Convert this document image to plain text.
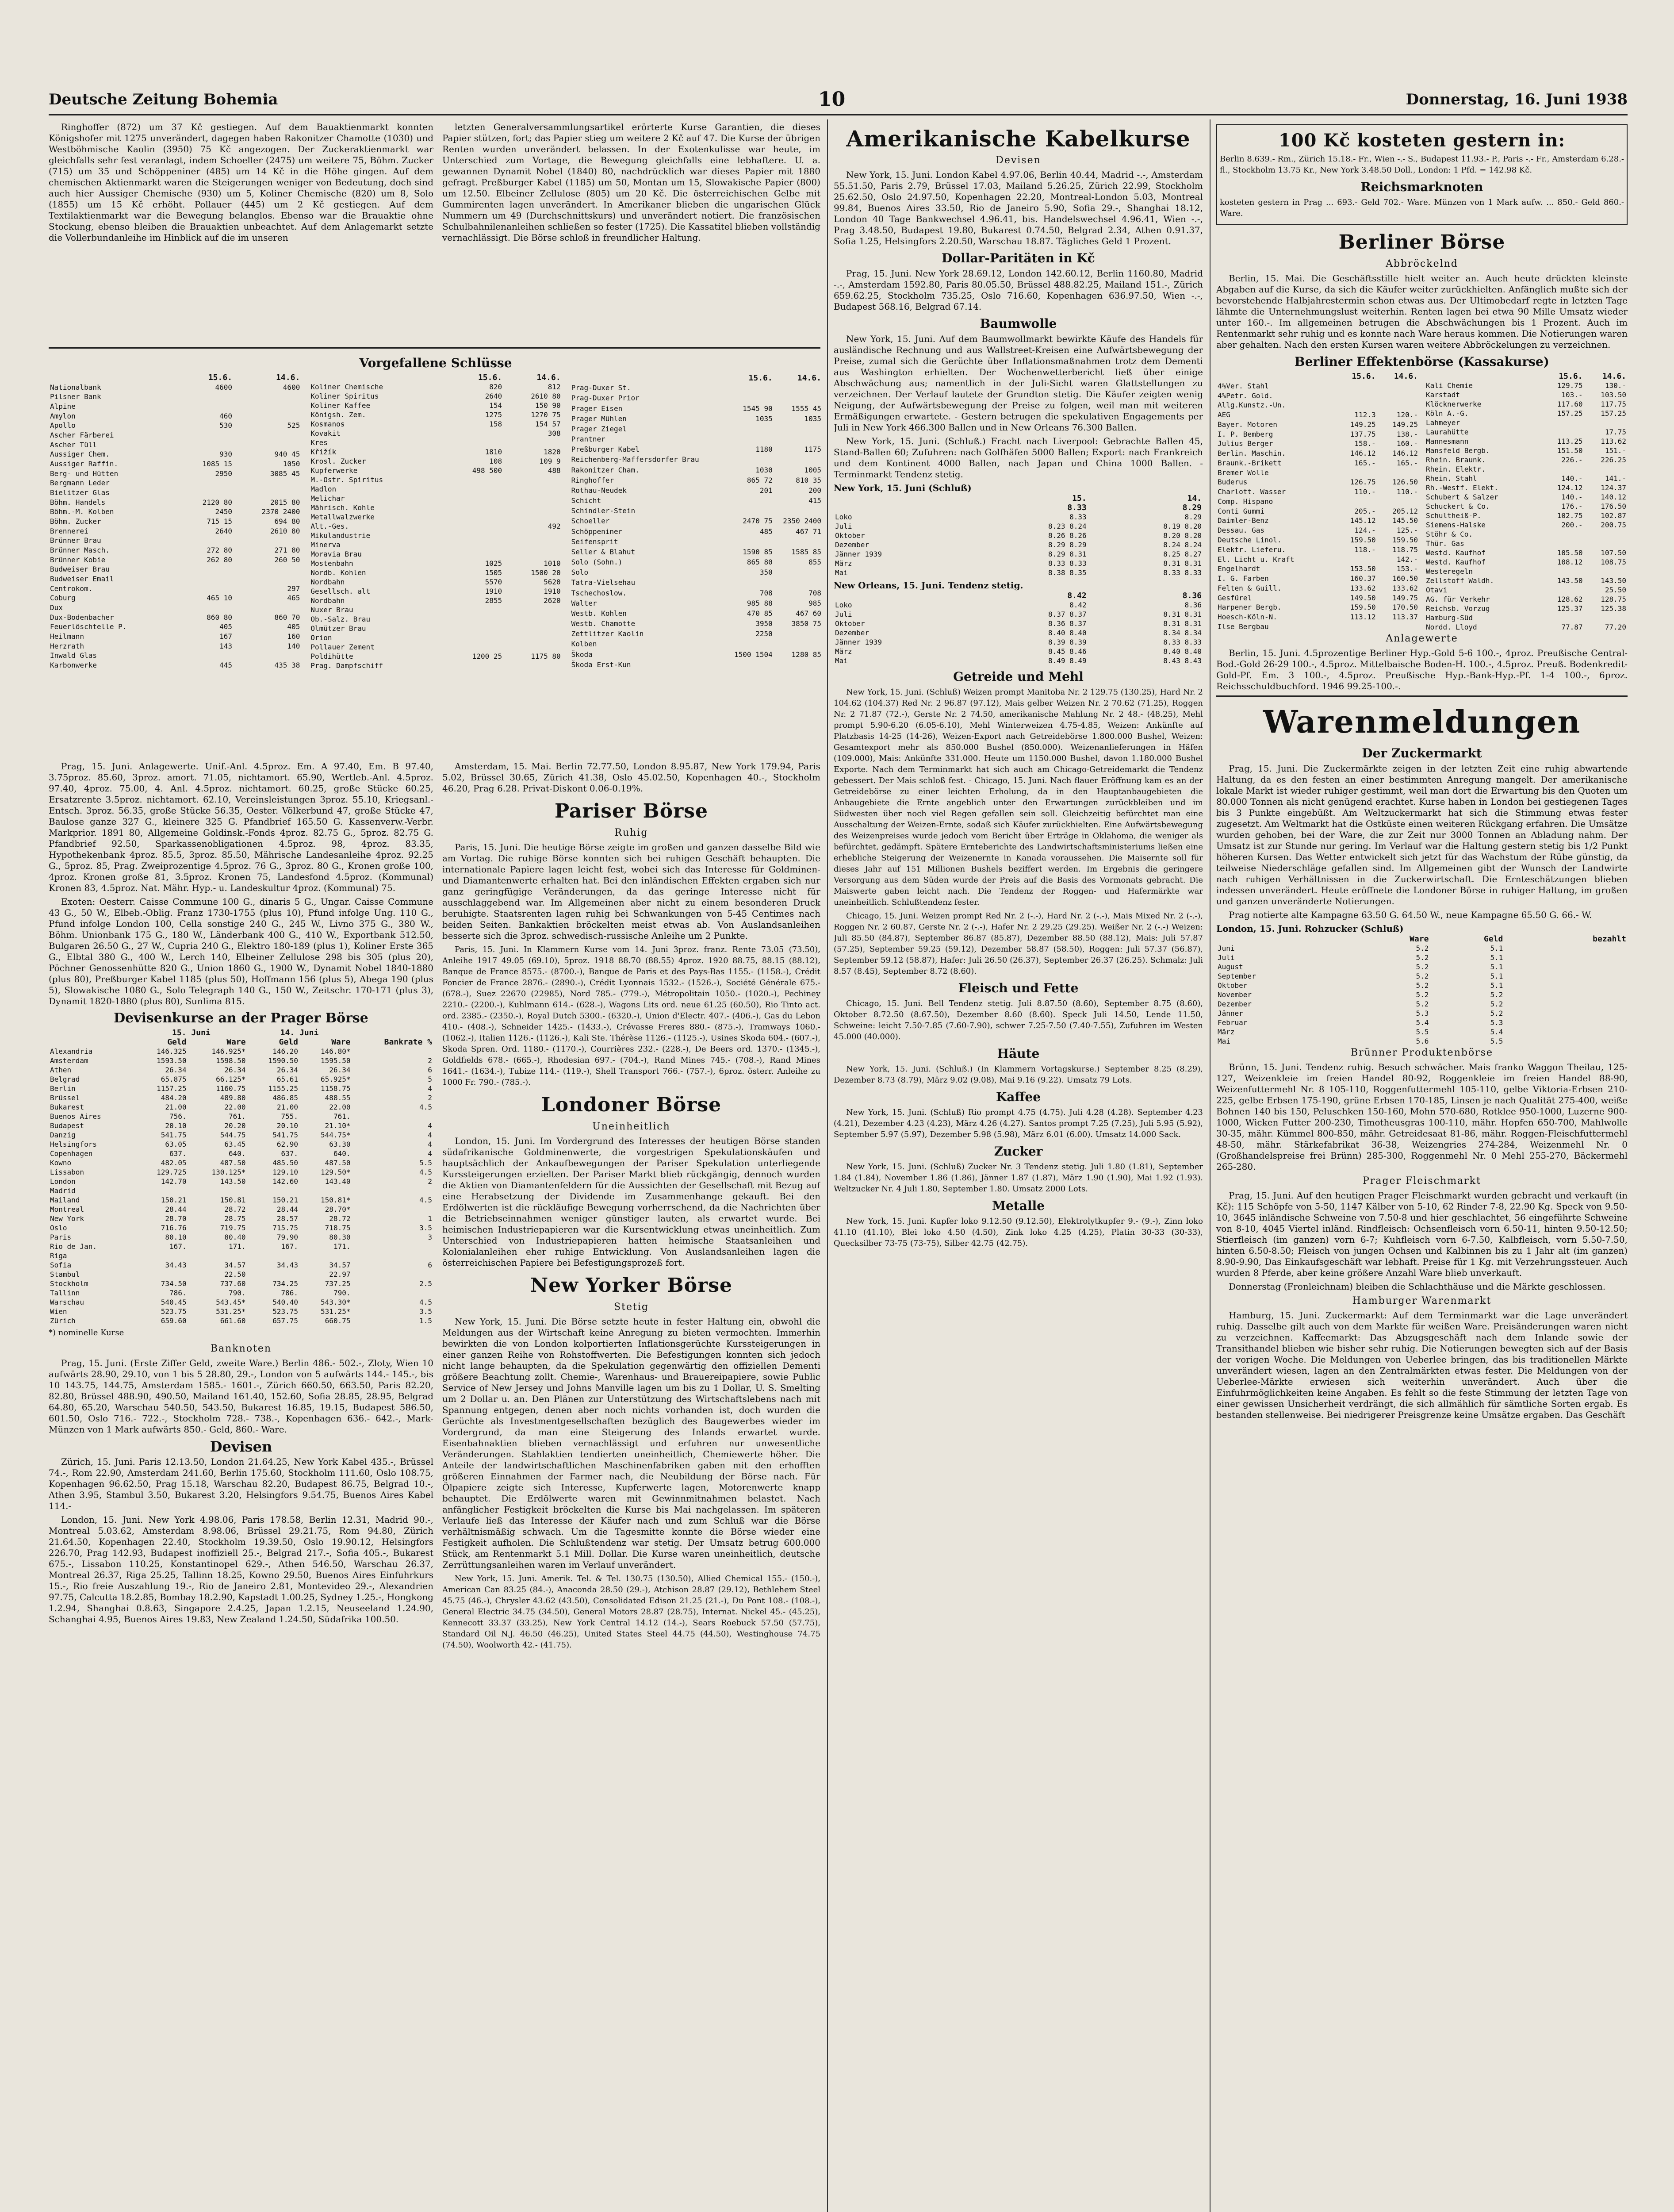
Deutsche Zeitung Bohemia	10	Donnerstag, 16. Juni 1938

Ringhoffer (872) um 37 Kč gestiegen. Auf dem Bauaktienmarkt konnten Königshofer mit 1275 unverändert, dagegen haben Rakonitzer Chamotte (1030) und Westböhmische Kaolin (3950) 75 Kč angezogen. Der Zuckeraktienmarkt war gleichfalls sehr fest veranlagt, indem Schoeller (2475) um weitere 75, Böhm. Zucker (715) um 35 und Schöppeniner (485) um 14 Kč in die Höhe gingen. Auf dem chemischen Aktienmarkt waren die Steigerungen weniger von Bedeutung, doch sind auch hier Aussiger Chemische (930) um 5, Koliner Chemische (820) um 8, Solo (1855) um 15 Kč erhöht. Pollauer (445) um 2 Kč gestiegen. Auf dem Textilaktienmarkt war die Bewegung belanglos. Ebenso war die Brauaktie ohne Stockung, ebenso bleiben die Brauaktien unbeachtet. Auf dem Anlagemarkt setzte die Vollerbundanleihe im Hinblick auf die im unseren

letzten Generalversammlungsartikel erörterte Kurse Garantien, die dieses Papier stützen, fort; das Papier stieg um weitere 2 Kč auf 47. Die Kurse der übrigen Renten wurden unverändert belassen. In der Exotenkulisse war heute, im Unterschied zum Vortage, die Bewegung gleichfalls eine lebhaftere. U. a. gewannen Dynamit Nobel (1840) 80, nachdrücklich war dieses Papier mit 1880 gefragt. Preßburger Kabel (1185) um 50, Montan um 15, Slowakische Papier (800) um 12.50. Elbeiner Zellulose (805) um 20 Kč. Die österreichischen Gelbe mit Gummirenten lagen unverändert. In Amerikaner blieben die ungarischen Glück Nummern um 49 (Durchschnittskurs) und unverändert notiert. Die französischen Schulbahnilenanleihen schließen so fester (1725). Die Kassatitel blieben vollständig vernachlässigt. Die Börse schloß in freundlicher Haltung.

Vorgefallene Schlüsse
	15.6.	14.6.
Nationalbank	4600	4600
Pilsner Bank		
Alpine		
Amylon	460	
Apollo	530	525
Ascher Färberei		
Ascher Tüll		
Aussiger Chem.	930	940 45
Aussiger Raffin.	1085 15	1050
Berg- und Hütten	2950	3085 45
Bergmann Leder		
Bielitzer Glas		
Böhm. Handels	2120 80	2015 80
Böhm.-M. Kolben	2450	2370 2400
Böhm. Zucker	715 15	694 80
Brennerei	2640	2610 80
Brünner Brau		
Brünner Masch.	272 80	271 80
Brünner Kobie	262 80	260 50
Budweiser Brau		
Budweiser Email		
Centrokom.		297
Coburg	465 10	465
Dux		
Dux-Bodenbacher	860 80	860 70
Feuerlöschtelle P.	405	405
Heilmann	167	160
Herzrath	143	140
Inwald Glas		
Karbonwerke	445	435 38
	15.6.	14.6.
Koliner Chemische	820	812
Koliner Spiritus	2640	2610 80
Koliner Kaffee	154	150 90
Königsh. Zem.	1275	1270 75
Kosmanos	158	154 57
Kovakit		308
Kres		
Křižík	1810	1820
Krosl. Zucker	108	109 9
Kupferwerke	498 500	488
M.-Ostr. Spiritus		
Madlon		
Melichar		
Mährisch. Kohle		
Metallwalzwerke		
Alt.-Ges.		492
Mikulandustrie		
Minerva		
Moravia Brau		
Mostenbahn	1025	1010
Nordb. Kohlen	1505	1500 20
Nordbahn	5570	5620
Gesellsch. alt	1910	1910
Nordbahn	2855	2620
Nuxer Brau		
Ob.-Salz. Brau		
Olmützer Brau		
Orion		
Pollauer Zement		
Poldihütte	1200 25	1175 80
Prag. Dampfschiff		
	15.6.	14.6.
Prag-Duxer St.		
Prag-Duxer Prior		
Prager Eisen	1545 90	1555 45
Prager Mühlen	1035	1035
Prager Ziegel		
Prantner		
Preßburger Kabel	1180	1175
Reichenberg-Maffersdorfer Brau		
Rakonitzer Cham.	1030	1005
Ringhoffer	865 72	810 35
Rothau-Neudek	201	200
Schicht		415
Schindler-Stein		
Schoeller	2470 75	2350 2400
Schöppeniner	485	467 71
Seifensprit		
Seller & Blahut	1590 85	1585 85
Solo (Sohn.)	865 80	855
Solo	350	
Tatra-Vielsehau		
Tschechoslow.	708	708
Walter	985 88	985
Westb. Kohlen	470 85	467 60
Westb. Chamotte	3950	3850 75
Zettlitzer Kaolin	2250	
Kolben		
Škoda	1500 1504	1280 85
Škoda Erst-Kun		

Prag, 15. Juni. Anlagewerte. Unif.-Anl. 4.5proz. Em. A 97.40, Em. B 97.40, 3.75proz. 85.60, 3proz. amort. 71.05, nichtamort. 65.90, Wertleb.-Anl. 4.5proz. 97.40, 4proz. 75.00, 4. Anl. 4.5proz. nichtamort. 60.25, große Stücke 60.25, Ersatzrente 3.5proz. nichtamort. 62.10, Vereinsleistungen 3proz. 55.10, Kriegsanl.-Entsch. 3proz. 56.35, große Stücke 56.35, Oester. Völkerbund 47, große Stücke 47, Baulose ganze 327 G., kleinere 325 G. Pfandbrief 165.50 G. Kassenverw.-Verbr. Markprior. 1891 80, Allgemeine Goldinsk.-Fonds 4proz. 82.75 G., 5proz. 82.75 G. Pfandbrief 92.50, Sparkassenobligationen 4.5proz. 98, 4proz. 83.35, Hypothekenbank 4proz. 85.5, 3proz. 85.50, Mährische Landesanleihe 4proz. 92.25 G., 5proz. 85, Prag. Zweiprozentige 4.5proz. 76 G., 3proz. 80 G., Kronen große 100, 4proz. Kronen große 81, 3.5proz. Kronen 75, Landesfond 4.5proz. (Kommunal) Kronen 83, 4.5proz. Nat. Mähr. Hyp.- u. Landeskultur 4proz. (Kommunal) 75.

Exoten: Oesterr. Caisse Commune 100 G., dinaris 5 G., Ungar. Caisse Commune 43 G., 50 W., Elbeb.-Oblig. Franz 1730-1755 (plus 10), Pfund infolge Ung. 110 G., Pfund infolge London 100, Cella sonstige 240 G., 245 W., Livno 375 G., 380 W., Böhm. Unionbank 175 G., 180 W., Länderbank 400 G., 410 W., Exportbank 512.50, Bulgaren 26.50 G., 27 W., Cupria 240 G., Elektro 180-189 (plus 1), Koliner Erste 365 G., Elbtal 380 G., 400 W., Lerch 140, Elbeiner Zellulose 298 bis 305 (plus 20), Pöchner Genossenhütte 820 G., Union 1860 G., 1900 W., Dynamit Nobel 1840-1880 (plus 80), Preßburger Kabel 1185 (plus 50), Hoffmann 156 (plus 5), Abega 190 (plus 5), Slowakische 1080 G., Solo Telegraph 140 G., 150 W., Zeitschr. 170-171 (plus 3), Dynamit 1820-1880 (plus 80), Sunlima 815.

Devisenkurse an der Prager Börse
	15. Juni		14. Juni		
	Geld	Ware	Geld	Ware	Bankrate %
Alexandria	146.325	146.925*	146.20	146.80*	
Amsterdam	1593.50	1598.50	1590.50	1595.50	2
Athen	26.34	26.34	26.34	26.34	6
Belgrad	65.875	66.125*	65.61	65.925*	5
Berlin	1157.25	1160.75	1155.25	1158.75	4
Brüssel	484.20	489.80	486.85	488.55	2
Bukarest	21.00	22.00	21.00	22.00	4.5
Buenos Aires	756.	761.	755.	761.	
Budapest	20.10	20.20	20.10	21.10*	4
Danzig	541.75	544.75	541.75	544.75*	4
Helsingfors	63.05	63.45	62.90	63.30	4
Copenhagen	637.	640.	637.	640.	4
Kowno	482.05	487.50	485.50	487.50	5.5
Lissabon	129.725	130.125*	129.10	129.50*	4.5
London	142.70	143.50	142.60	143.40	2
Madrid					
Mailand	150.21	150.81	150.21	150.81*	4.5
Montreal	28.44	28.72	28.44	28.70*	
New York	28.70	28.75	28.57	28.72	1
Oslo	716.76	719.75	715.75	718.75	3.5
Paris	80.10	80.40	79.90	80.30	3
Rio de Jan.	167.	171.	167.	171.	
Riga					
Sofia	34.43	34.57	34.43	34.57	6
Stambul		22.50		22.97	
Stockholm	734.50	737.60	734.25	737.25	2.5
Tallinn	786.	790.	786.	790.	
Warschau	540.45	543.45*	540.40	543.30*	4.5
Wien	523.75	531.25*	523.75	531.25*	3.5
Zürich	659.60	661.60	657.75	660.75	1.5
*) nominelle Kurse
Banknoten

Prag, 15. Juni. (Erste Ziffer Geld, zweite Ware.) Berlin 486.- 502.-, Zloty, Wien 10 aufwärts 28.90, 29.10, von 1 bis 5 28.80, 29.-, London von 5 aufwärts 144.- 145.-, bis 10 143.75, 144.75, Amsterdam 1585.- 1601.-, Zürich 660.50, 663.50, Paris 82.20, 82.80, Brüssel 488.90, 490.50, Mailand 161.40, 152.60, Sofia 28.85, 28.95, Belgrad 64.80, 65.20, Warschau 540.50, 543.50, Bukarest 16.85, 19.15, Budapest 586.50, 601.50, Oslo 716.- 722.-, Stockholm 728.- 738.-, Kopenhagen 636.- 642.-, Mark-Münzen von 1 Mark aufwärts 850.- Geld, 860.- Ware.

Devisen

Zürich, 15. Juni. Paris 12.13.50, London 21.64.25, New York Kabel 435.-, Brüssel 74.-, Rom 22.90, Amsterdam 241.60, Berlin 175.60, Stockholm 111.60, Oslo 108.75, Kopenhagen 96.62.50, Prag 15.18, Warschau 82.20, Budapest 86.75, Belgrad 10.-, Athen 3.95, Stambul 3.50, Bukarest 3.20, Helsingfors 9.54.75, Buenos Aires Kabel 114.-

London, 15. Juni. New York 4.98.06, Paris 178.58, Berlin 12.31, Madrid 90.-, Montreal 5.03.62, Amsterdam 8.98.06, Brüssel 29.21.75, Rom 94.80, Zürich 21.64.50, Kopenhagen 22.40, Stockholm 19.39.50, Oslo 19.90.12, Helsingfors 226.70, Prag 142.93, Budapest inoffiziell 25.-, Belgrad 217.-, Sofia 405.-, Bukarest 675.-, Lissabon 110.25, Konstantinopel 629.-, Athen 546.50, Warschau 26.37, Montreal 26.37, Riga 25.25, Tallinn 18.25, Kowno 29.50, Buenos Aires Einfuhrkurs 15.-, Rio freie Auszahlung 19.-, Rio de Janeiro 2.81, Montevideo 29.-, Alexandrien 97.75, Calcutta 18.2.85, Bombay 18.2.90, Kapstadt 1.00.25, Sydney 1.25.-, Hongkong 1.2.94, Shanghai 0.8.63, Singapore 2.4.25, Japan 1.2.15, Neuseeland 1.24.90, Schanghai 4.95, Buenos Aires 19.83, New Zealand 1.24.50, Südafrika 100.50.

Amsterdam, 15. Mai. Berlin 72.77.50, London 8.95.87, New York 179.94, Paris 5.02, Brüssel 30.65, Zürich 41.38, Oslo 45.02.50, Kopenhagen 40.-, Stockholm 46.20, Prag 6.28. Privat-Diskont 0.06-0.19%.

Pariser Börse
Ruhig

Paris, 15. Juni. Die heutige Börse zeigte im großen und ganzen dasselbe Bild wie am Vortag. Die ruhige Börse konnten sich bei ruhigen Geschäft behaupten. Die internationale Papiere lagen leicht fest, wobei sich das Interesse für Goldminen- und Diamantenwerte erhalten hat. Bei den inländischen Effekten ergaben sich nur ganz geringfügige Veränderungen, da das geringe Interesse nicht für ausschlaggebend war. Im Allgemeinen aber nicht zu einem besonderen Druck beruhigte. Staatsrenten lagen ruhig bei Schwankungen von 5-45 Centimes nach beiden Seiten. Bankaktien bröckelten meist etwas ab. Von Auslandsanleihen besserte sich die 3proz. schwedisch-russische Anleihe um 2 Punkte.

Paris, 15. Juni. In Klammern Kurse vom 14. Juni 3proz. franz. Rente 73.05 (73.50), Anleihe 1917 49.05 (69.10), 5proz. 1918 88.70 (88.55) 4proz. 1920 88.75, 88.15 (88.12), Banque de France 8575.- (8700.-), Banque de Paris et des Pays-Bas 1155.- (1158.-), Crédit Foncier de France 2876.- (2890.-), Crédit Lyonnais 1532.- (1526.-), Société Générale 675.- (678.-), Suez 22670 (22985), Nord 785.- (779.-), Métropolitain 1050.- (1020.-), Pechiney 2210.- (2200.-), Kuhlmann 614.- (628.-), Wagons Lits ord. neue 61.25 (60.50), Rio Tinto act. ord. 2385.- (2350.-), Royal Dutch 5300.- (6320.-), Union d'Electr. 407.- (406.-), Gas du Lebon 410.- (408.-), Schneider 1425.- (1433.-), Crévasse Freres 880.- (875.-), Tramways 1060.- (1062.-), Italien 1126.- (1126.-), Kali Ste. Thérèse 1126.- (1125.-), Usines Skoda 604.- (607.-), Skoda Spren. Ord. 1180.- (1170.-), Courrières 232.- (228.-), De Beers ord. 1370.- (1345.-), Goldfields 678.- (665.-), Rhodesian 697.- (704.-), Rand Mines 745.- (708.-), Rand Mines 1641.- (1634.-), Tubize 114.- (119.-), Shell Transport 766.- (757.-), 6proz. österr. Anleihe zu 1000 Fr. 790.- (785.-).

Londoner Börse
Uneinheitlich

London, 15. Juni. Im Vordergrund des Interesses der heutigen Börse standen südafrikanische Goldminenwerte, die vorgestrigen Spekulationskäufen und hauptsächlich der Ankaufbewegungen der Pariser Spekulation unterliegende Kurssteigerungen erzielten. Der Pariser Markt blieb rückgängig, dennoch wurden die Aktien von Diamantenfeldern für die Aussichten der Gesellschaft mit Bezug auf eine Herabsetzung der Dividende im Zusammenhange gekauft. Bei den Erdölwerten ist die rückläufige Bewegung vorherrschend, da die Nachrichten über die Betriebseinnahmen weniger günstiger lauten, als erwartet wurde. Bei heimischen Industriepapieren war die Kursentwicklung etwas uneinheitlich. Zum Unterschied von Industriepapieren hatten heimische Staatsanleihen und Kolonialanleihen eher ruhige Entwicklung. Von Auslandsanleihen lagen die österreichischen Papiere bei Befestigungsprozeß fort.

New Yorker Börse
Stetig

New York, 15. Juni. Die Börse setzte heute in fester Haltung ein, obwohl die Meldungen aus der Wirtschaft keine Anregung zu bieten vermochten. Immerhin bewirkten die von London kolportierten Inflationsgerüchte Kurssteigerungen in einer ganzen Reihe von Rohstoffwerten. Die Befestigungen konnten sich jedoch nicht lange behaupten, da die Spekulation gegenwärtig den offiziellen Dementi größere Beachtung zollt. Chemie-, Warenhaus- und Brauereipapiere, sowie Public Service of New Jersey und Johns Manville lagen um bis zu 1 Dollar, U. S. Smelting um 2 Dollar u. an. Den Plänen zur Unterstützung des Wirtschaftslebens nach mit Spannung entgegen, denen aber noch nichts vorhanden ist, doch wurden die Gerüchte als Investmentgesellschaften bezüglich des Baugewerbes wieder im Vordergrund, da man eine Steigerung des Inlands erwartet wurde. Eisenbahnaktien blieben vernachlässigt und erfuhren nur unwesentliche Veränderungen. Stahlaktien tendierten uneinheitlich, Chemiewerte höher. Die Anteile der landwirtschaftlichen Maschinenfabriken gaben mit den erhofften größeren Einnahmen der Farmer nach, die Neubildung der Börse nach. Für Ölpapiere zeigte sich Interesse, Kupferwerte lagen, Motorenwerte knapp behauptet. Die Erdölwerte waren mit Gewinnmitnahmen belastet. Nach anfänglicher Festigkeit bröckelten die Kurse bis Mai nachgelassen. Im späteren Verlaufe ließ das Interesse der Käufer nach und zum Schluß war die Börse verhältnismäßig schwach. Um die Tagesmitte konnte die Börse wieder eine Festigkeit aufholen. Die Schlußtendenz war stetig. Der Umsatz betrug 600.000 Stück, am Rentenmarkt 5.1 Mill. Dollar. Die Kurse waren uneinheitlich, deutsche Zerrüttungsanleihen waren im Verlauf unverändert.

New York, 15. Juni. Amerik. Tel. & Tel. 130.75 (130.50), Allied Chemical 155.- (150.-), American Can 83.25 (84.-), Anaconda 28.50 (29.-), Atchison 28.87 (29.12), Bethlehem Steel 45.75 (46.-), Chrysler 43.62 (43.50), Consolidated Edison 21.25 (21.-), Du Pont 108.- (108.-), General Electric 34.75 (34.50), General Motors 28.87 (28.75), Internat. Nickel 45.- (45.25), Kennecott 33.37 (33.25), New York Central 14.12 (14.-), Sears Roebuck 57.50 (57.75), Standard Oil N.J. 46.50 (46.25), United States Steel 44.75 (44.50), Westinghouse 74.75 (74.50), Woolworth 42.- (41.75).

Amerikanische Kabelkurse
Devisen

New York, 15. Juni. London Kabel 4.97.06, Berlin 40.44, Madrid -.-, Amsterdam 55.51.50, Paris 2.79, Brüssel 17.03, Mailand 5.26.25, Zürich 22.99, Stockholm 25.62.50, Oslo 24.97.50, Kopenhagen 22.20, Montreal-London 5.03, Montreal 99.84, Buenos Aires 33.50, Rio de Janeiro 5.90, Sofia 29.-, Shanghai 18.12, London 40 Tage Bankwechsel 4.96.41, bis. Handelswechsel 4.96.41, Wien -.-, Prag 3.48.50, Budapest 19.80, Bukarest 0.74.50, Belgrad 2.34, Athen 0.91.37, Sofia 1.25, Helsingfors 2.20.50, Warschau 18.87. Tägliches Geld 1 Prozent.

Dollar-Paritäten in Kč

Prag, 15. Juni. New York 28.69.12, London 142.60.12, Berlin 1160.80, Madrid -.-, Amsterdam 1592.80, Paris 80.05.50, Brüssel 488.82.25, Mailand 151.-, Zürich 659.62.25, Stockholm 735.25, Oslo 716.60, Kopenhagen 636.97.50, Wien -.-, Budapest 568.16, Belgrad 67.14.

Baumwolle

New York, 15. Juni. Auf dem Baumwollmarkt bewirkte Käufe des Handels für ausländische Rechnung und aus Wallstreet-Kreisen eine Aufwärtsbewegung der Preise, zumal sich die Gerüchte über Inflationsmaßnahmen trotz dem Dementi aus Washington erhielten. Der Wochenwetterbericht ließ über einige Abschwächung aus; namentlich in der Juli-Sicht waren Glattstellungen zu verzeichnen. Der Verlauf lautete der Grundton stetig. Die Käufer zeigten wenig Neigung, der Aufwärtsbewegung der Preise zu folgen, weil man mit weiteren Ermäßigungen erwartete. - Gestern betrugen die spekulativen Engagements per Juli in New York 466.300 Ballen und in New Orleans 76.300 Ballen.

New York, 15. Juni. (Schluß.) Fracht nach Liverpool: Gebrachte Ballen 45, Stand-Ballen 60; Zufuhren: nach Golfhäfen 5000 Ballen; Export: nach Frankreich und dem Kontinent 4000 Ballen, nach Japan und China 1000 Ballen. - Terminmarkt Tendenz stetig.

New York, 15. Juni (Schluß)
	15.	14.
	8.33	8.29
Loko	8.33	8.29
Juli	8.23 8.24	8.19 8.20
Oktober	8.26 8.26	8.20 8.20
Dezember	8.29 8.29	8.24 8.24
Jänner 1939	8.29 8.31	8.25 8.27
März	8.33 8.33	8.31 8.31
Mai	8.38 8.35	8.33 8.33
New Orleans, 15. Juni. Tendenz stetig.
	8.42	8.36
Loko	8.42	8.36
Juli	8.37 8.37	8.31 8.31
Oktober	8.36 8.37	8.31 8.31
Dezember	8.40 8.40	8.34 8.34
Jänner 1939	8.39 8.39	8.33 8.33
März	8.45 8.46	8.40 8.40
Mai	8.49 8.49	8.43 8.43
Getreide und Mehl

New York, 15. Juni. (Schluß) Weizen prompt Manitoba Nr. 2 129.75 (130.25), Hard Nr. 2 104.62 (104.37) Red Nr. 2 96.87 (97.12), Mais gelber Weizen Nr. 2 70.62 (71.25), Roggen Nr. 2 71.87 (72.-), Gerste Nr. 2 74.50, amerikanische Mahlung Nr. 2 48.- (48.25), Mehl prompt 5.90-6.20 (6.05-6.10), Mehl Winterweizen 4.75-4.85, Weizen: Ankünfte auf Platzbasis 14-25 (14-26), Weizen-Export nach Getreidebörse 1.800.000 Bushel, Weizen: Gesamtexport mehr als 850.000 Bushel (850.000). Weizenanlieferungen in Häfen (109.000), Mais: Ankünfte 331.000. Heute um 1150.000 Bushel, davon 1.180.000 Bushel Exporte. Nach dem Terminmarkt hat sich auch am Chicago-Getreidemarkt die Tendenz gebessert. Der Mais schloß fest. - Chicago, 15. Juni. Nach flauer Eröffnung kam es an der Getreidebörse zu einer leichten Erholung, da in den Hauptanbaugebieten die Anbaugebiete die Ernte angeblich unter den Erwartungen zurückbleiben und im Südwesten über noch viel Regen gefallen sein soll. Gleichzeitig befürchtet man eine Ausschaltung der Weizen-Ernte, sodaß sich Käufer zurückhielten. Eine Aufwärtsbewegung des Weizenpreises wurde jedoch vom Bericht über Erträge in Oklahoma, die weniger als befürchtet, gedämpft. Spätere Ernteberichte des Landwirtschaftsministeriums ließen eine erhebliche Steigerung der Weizenernte in Kanada voraussehen. Die Maisernte soll für dieses Jahr auf 151 Millionen Bushels beziffert werden. Im Ergebnis die geringere Versorgung aus dem Süden wurde der Preis auf die Basis des Vormonats gebracht. Die Maiswerte gaben leicht nach. Die Tendenz der Roggen- und Hafermärkte war uneinheitlich. Schlußtendenz fester.

Chicago, 15. Juni. Weizen prompt Red Nr. 2 (-.-), Hard Nr. 2 (-.-), Mais Mixed Nr. 2 (-.-), Roggen Nr. 2 60.87, Gerste Nr. 2 (-.-), Hafer Nr. 2 29.25 (29.25). Weißer Nr. 2 (-.-) Weizen: Juli 85.50 (84.87), September 86.87 (85.87), Dezember 88.50 (88.12), Mais: Juli 57.87 (57.25), September 59.25 (59.12), Dezember 58.87 (58.50), Roggen: Juli 57.37 (56.87), September 59.12 (58.87), Hafer: Juli 26.50 (26.37), September 26.37 (26.25). Schmalz: Juli 8.57 (8.45), September 8.72 (8.60).

Fleisch und Fette

Chicago, 15. Juni. Bell Tendenz stetig. Juli 8.87.50 (8.60), September 8.75 (8.60), Oktober 8.72.50 (8.67.50), Dezember 8.60 (8.60). Speck Juli 14.50, Lende 11.50, Schweine: leicht 7.50-7.85 (7.60-7.90), schwer 7.25-7.50 (7.40-7.55), Zufuhren im Westen 45.000 (40.000).

Häute

New York, 15. Juni. (Schluß.) (In Klammern Vortagskurse.) September 8.25 (8.29), Dezember 8.73 (8.79), März 9.02 (9.08), Mai 9.16 (9.22). Umsatz 79 Lots.

Kaffee

New York, 15. Juni. (Schluß) Rio prompt 4.75 (4.75). Juli 4.28 (4.28). September 4.23 (4.21), Dezember 4.23 (4.23), März 4.26 (4.27). Santos prompt 7.25 (7.25), Juli 5.95 (5.92), September 5.97 (5.97), Dezember 5.98 (5.98), März 6.01 (6.00). Umsatz 14.000 Sack.

Zucker

New York, 15. Juni. (Schluß) Zucker Nr. 3 Tendenz stetig. Juli 1.80 (1.81), September 1.84 (1.84), November 1.86 (1.86), Jänner 1.87 (1.87), März 1.90 (1.90), Mai 1.92 (1.93). Weltzucker Nr. 4 Juli 1.80, September 1.80. Umsatz 2000 Lots.

Metalle

New York, 15. Juni. Kupfer loko 9.12.50 (9.12.50), Elektrolytkupfer 9.- (9.-), Zinn loko 41.10 (41.10), Blei loko 4.50 (4.50), Zink loko 4.25 (4.25), Platin 30-33 (30-33), Quecksilber 73-75 (73-75), Silber 42.75 (42.75).

100 Kč kosteten gestern in:

Berlin 8.639.- Rm., Zürich 15.18.- Fr., Wien -.- S., Budapest 11.93.- P., Paris -.- Fr., Amsterdam 6.28.- fl., Stockholm 13.75 Kr., New York 3.48.50 Doll., London: 1 Pfd. = 142.98 Kč.

Reichsmarknoten

kosteten gestern in Prag ... 693.- Geld 702.- Ware. Münzen von 1 Mark aufw. ... 850.- Geld 860.- Ware.

Berliner Börse
Abbröckelnd

Berlin, 15. Mai. Die Geschäftsstille hielt weiter an. Auch heute drückten kleinste Abgaben auf die Kurse, da sich die Käufer weiter zurückhielten. Anfänglich mußte sich der bevorstehende Halbjahrestermin schon etwas aus. Der Ultimobedarf regte in letzten Tage lähmte die Unternehmungslust weiterhin. Renten lagen bei etwa 90 Mille Umsatz wieder unter 160.-. Im allgemeinen betrugen die Abschwächungen bis 1 Prozent. Auch im Rentenmarkt sehr ruhig und es konnte nach Ware heraus kommen. Die Notierungen waren aber gehalten. Nach den ersten Kursen waren weitere Abbröckelungen zu verzeichnen.

Berliner Effektenbörse (Kassakurse)
	15.6.	14.6.
4%Ver. Stahl		
4%Petr. Gold.		
Allg.Kunstz.-Un.		
AEG	112.3	120.-
Bayer. Motoren	149.25	149.25
I. P. Bemberg	137.75	138.-
Julius Berger	158.-	160.-
Berlin. Maschin.	146.12	146.12
Braunk.-Brikett	165.-	165.-
Bremer Wolle		
Buderus	126.75	126.50
Charlott. Wasser	110.-	110.-
Comp. Hispano		
Conti Gummi	205.-	205.12
Daimler-Benz	145.12	145.50
Dessau. Gas	124.-	125.-
Deutsche Linol.	159.50	159.50
Elektr. Lieferu.	118.-	118.75
El. Licht u. Kraft		142.-
Engelhardt	153.50	153.-
I. G. Farben	160.37	160.50
Felten & Guill.	133.62	133.62
Gesfürel	149.50	149.75
Harpener Bergb.	159.50	170.50
Hoesch-Köln-N.	113.12	113.37
Ilse Bergbau		
	15.6.	14.6.
Kali Chemie	129.75	130.-
Karstadt	103.-	103.50
Klöcknerwerke	117.60	117.75
Köln A.-G.	157.25	157.25
Lahmeyer		
Laurahütte		17.75
Mannesmann	113.25	113.62
Mansfeld Bergb.	151.50	151.-
Rhein. Braunk.	226.-	226.25
Rhein. Elektr.		
Rhein. Stahl	140.-	141.-
Rh.-Westf. Elekt.	124.12	124.37
Schubert & Salzer	140.-	140.12
Schuckert & Co.	176.-	176.50
Schultheiß-P.	102.75	102.87
Siemens-Halske	200.-	200.75
Stöhr & Co.		
Thür. Gas		
Westd. Kaufhof	105.50	107.50
Westd. Kaufhof	108.12	108.75
Westeregeln		
Zellstoff Waldh.	143.50	143.50
Otavi		25.50
AG. für Verkehr	128.62	128.75
Reichsb. Vorzug	125.37	125.38
Hamburg-Süd		
Nordd. Lloyd	77.87	77.20
Anlagewerte

Berlin, 15. Juni. 4.5prozentige Berliner Hyp.-Gold 5-6 100.-, 4proz. Preußische Central-Bod.-Gold 26-29 100.-, 4.5proz. Mittelbaische Boden-H. 100.-, 4.5proz. Preuß. Bodenkredit-Gold-Pf. Em. 3 100.-, 4.5proz. Preußische Hyp.-Bank-Hyp.-Pf. 1-4 100.-, 6proz. Reichsschuldbuchford. 1946 99.25-100.-.

Warenmeldungen
Der Zuckermarkt

Prag, 15. Juni. Die Zuckermärkte zeigen in der letzten Zeit eine ruhig abwartende Haltung, da es den festen an einer bestimmten Anregung mangelt. Der amerikanische lokale Markt ist wieder ruhiger gestimmt, weil man dort die Erwartung bis den Quoten um 80.000 Tonnen als nicht genügend erachtet. Kurse haben in London bei gestiegenen Tages bis 3 Punkte eingebüßt. Am Weltzuckermarkt hat sich die Stimmung etwas fester zugesetzt. Am Weltmarkt hat die Ostküste einen weiteren Rückgang erfahren. Die Umsätze wurden gehoben, bei der Ware, die zur Zeit nur 3000 Tonnen an Abladung nahm. Der Umsatz ist zur Stunde nur gering. Im Verlauf war die Haltung gestern stetig bis 1/2 Punkt höheren Kursen. Das Wetter entwickelt sich jetzt für das Wachstum der Rübe günstig, da teilweise Niederschläge gefallen sind. Im Allgemeinen gibt der Wunsch der Landwirte nach ruhigen Verhältnissen in die Zuckerwirtschaft. Die Ernteschätzungen blieben indessen unverändert. Heute eröffnete die Londoner Börse in ruhiger Haltung, im großen und ganzen unveränderte Notierungen.

Prag notierte alte Kampagne 63.50 G. 64.50 W., neue Kampagne 65.50 G. 66.- W.

London, 15. Juni. Rohzucker (Schluß)
	Ware	Geld	bezahlt
Juni	5.2	5.1	
Juli	5.2	5.1	
August	5.2	5.1	
September	5.2	5.1	
Oktober	5.2	5.1	
November	5.2	5.2	
Dezember	5.2	5.2	
Jänner	5.3	5.2	
Februar	5.4	5.3	
März	5.5	5.4	
Mai	5.6	5.5	
Brünner Produktenbörse

Brünn, 15. Juni. Tendenz ruhig. Besuch schwächer. Mais franko Waggon Theilau, 125-127, Weizenkleie im freien Handel 80-92, Roggenkleie im freien Handel 88-90, Weizenfuttermehl Nr. 8 105-110, Roggenfuttermehl 105-110, gelbe Viktoria-Erbsen 210-225, gelbe Erbsen 175-190, grüne Erbsen 170-185, Linsen je nach Qualität 275-400, weiße Bohnen 140 bis 150, Peluschken 150-160, Mohn 570-680, Rotklee 950-1000, Luzerne 900-1000, Wicken Futter 200-230, Timotheusgras 100-110, mähr. Hopfen 650-700, Mahlwolle 30-35, mähr. Kümmel 800-850, mähr. Getreidesaat 81-86, mähr. Roggen-Fleischfuttermehl 48-50, mähr. Stärkefabrikat 36-38, Weizengries 274-284, Weizenmehl Nr. 0 (Großhandelspreise frei Brünn) 285-300, Roggenmehl Nr. 0 Mehl 255-270, Bäckermehl 265-280.

Prager Fleischmarkt

Prag, 15. Juni. Auf den heutigen Prager Fleischmarkt wurden gebracht und verkauft (in Kč): 115 Schöpfe von 5-50, 1147 Kälber von 5-10, 62 Rinder 7-8, 22.90 Kg. Speck von 9.50-10, 3645 inländische Schweine von 7.50-8 und hier geschlachtet, 56 eingeführte Schweine von 8-10, 4045 Viertel inländ. Rindfleisch: Ochsenfleisch vorn 6.50-11, hinten 9.50-12.50; Stierfleisch (im ganzen) vorn 6-7; Kuhfleisch vorn 6-7.50, Kalbfleisch, vorn 5.50-7.50, hinten 6.50-8.50; Fleisch von jungen Ochsen und Kalbinnen bis zu 1 Jahr alt (im ganzen) 8.90-9.90, Das Einkaufsgeschäft war lebhaft. Preise für 1 Kg. mit Verzehrungssteuer. Auch wurden 8 Pferde, aber keine größere Anzahl Ware blieb unverkauft.

Donnerstag (Fronleichnam) bleiben die Schlachthäuse und die Märkte geschlossen.

Hamburger Warenmarkt

Hamburg, 15. Juni. Zuckermarkt: Auf dem Terminmarkt war die Lage unverändert ruhig. Dasselbe gilt auch von dem Markte für weißen Ware. Preisänderungen waren nicht zu verzeichnen. Kaffeemarkt: Das Abzugsgeschäft nach dem Inlande sowie der Transithandel blieben wie bisher sehr ruhig. Die Notierungen bewegten sich auf der Basis der vorigen Woche. Die Meldungen von Ueberlee bringen, das bis traditionellen Märkte unverändert wiesen, lagen an den Zentralmärkten etwas fester. Die Meldungen von der Ueberlee-Märkte erwiesen sich weiterhin unverändert. Auch über die Einfuhrmöglichkeiten keine Angaben. Es fehlt so die feste Stimmung der letzten Tage von einer gewissen Unsicherheit verdrängt, die sich allmählich für sämtliche Sorten ergab. Es bestanden stellenweise. Bei niedrigerer Preisgrenze keine Umsätze ergaben. Das Geschäft
